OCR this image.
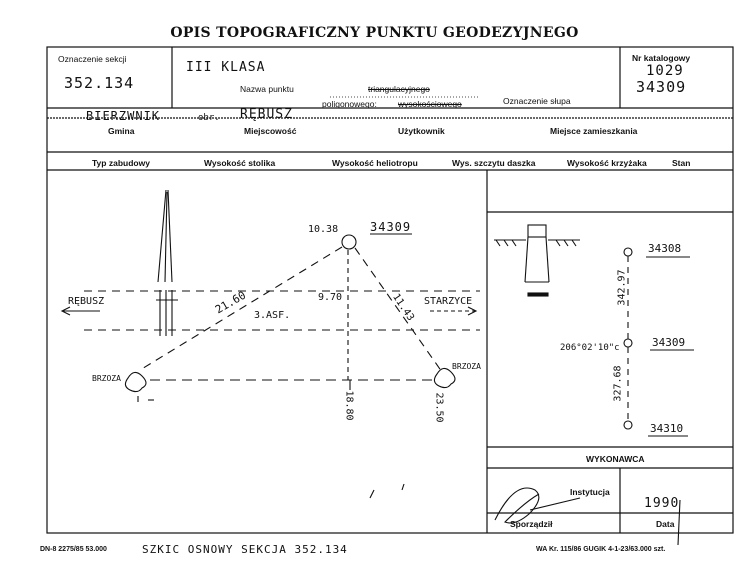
OPIS TOPOGRAFICZNY PUNKTU GEODEZYJNEGO
Oznaczenie sekcji
352.134
III KLASA
Nazwa punktu	triangulacyjnego
poligonowego: wysokościowego	Oznaczenie słupa
Nr katalogowy
1029
34309
BIERZWNIK	obr. RĘBUSZ
Gmina	Miejscowość	Użytkownik	Miejsce zamieszkania
Typ zabudowy	Wysokość stolika	Wysokość heliotropu	Wys. szczytu daszka	Wysokość krzyżaka	Stan
10.38	34309
RĘBUSZ	STARZYCE
3.ASF.
21.60	9.70	11.43
18.80	23.50
BRZOZA
BRZOZA
34308
34309
34310
342.97
327.68
206°02'10"c
WYKONAWCA
Instytucja
1990
Sporządził	Data
DN-8 2275/85 53.000	SZKIC OSNOWY SEKCJA 352.134	WA Kr. 115/86 GUGIK 4-1-23/63.000 szt.
